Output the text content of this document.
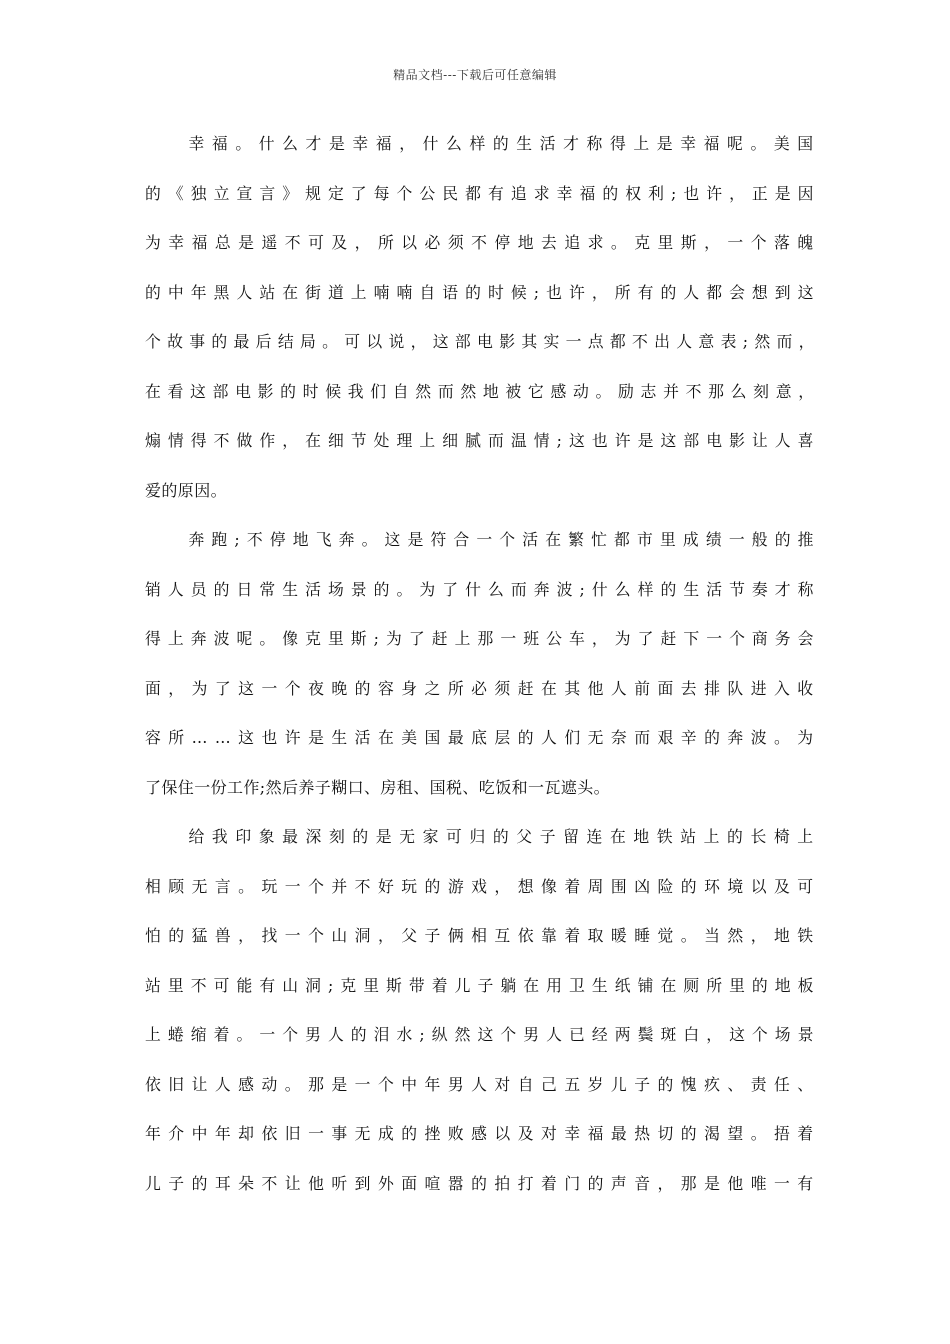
精品文档---下载后可任意编辑
幸福。什么才是幸福，什么样的生活才称得上是幸福呢。美国
的《独立宣言》规定了每个公民都有追求幸福的权利;也许，正是因
为幸福总是遥不可及，所以必须不停地去追求。克里斯，一个落魄
的中年黑人站在街道上喃喃自语的时候;也许，所有的人都会想到这
个故事的最后结局。可以说，这部电影其实一点都不出人意表;然而，
在看这部电影的时候我们自然而然地被它感动。励志并不那么刻意，
煽情得不做作，在细节处理上细腻而温情;这也许是这部电影让人喜
爱的原因。
奔跑;不停地飞奔。这是符合一个活在繁忙都市里成绩一般的推
销人员的日常生活场景的。为了什么而奔波;什么样的生活节奏才称
得上奔波呢。像克里斯;为了赶上那一班公车，为了赶下一个商务会
面，为了这一个夜晚的容身之所必须赶在其他人前面去排队进入收
容所……这也许是生活在美国最底层的人们无奈而艰辛的奔波。为
了保住一份工作;然后养子糊口、房租、国税、吃饭和一瓦遮头。
给我印象最深刻的是无家可归的父子留连在地铁站上的长椅上
相顾无言。玩一个并不好玩的游戏，想像着周围凶险的环境以及可
怕的猛兽，找一个山洞，父子俩相互依靠着取暖睡觉。当然，地铁
站里不可能有山洞;克里斯带着儿子躺在用卫生纸铺在厕所里的地板
上蜷缩着。一个男人的泪水;纵然这个男人已经两鬓斑白，这个场景
依旧让人感动。那是一个中年男人对自己五岁儿子的愧疚、责任、
年介中年却依旧一事无成的挫败感以及对幸福最热切的渴望。捂着
儿子的耳朵不让他听到外面喧嚣的拍打着门的声音，那是他唯一有
